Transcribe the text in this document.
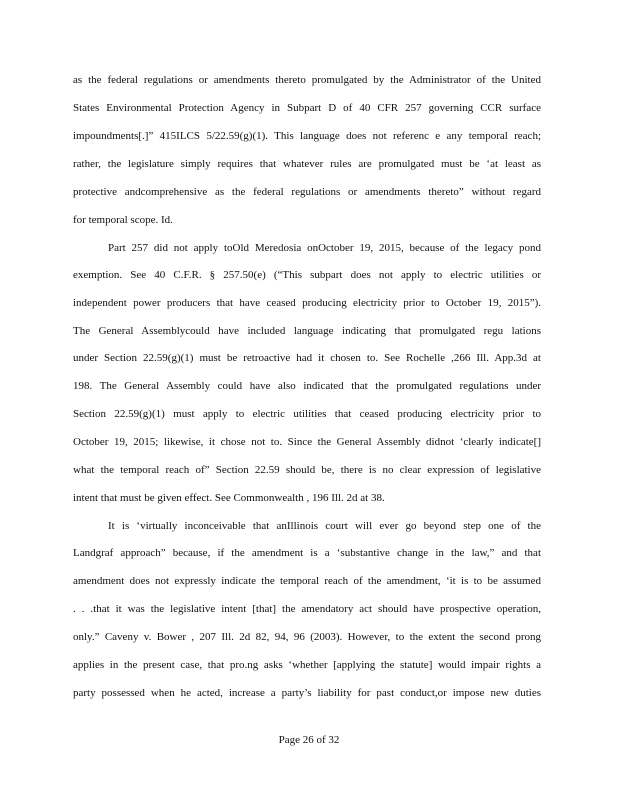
as the federal regulations or amendments thereto promulgated by the Administrator of the United
States Environmental Protection Agency in Subpart D of 40 CFR 257 governing CCR surface
impoundments[.]” 415ILCS 5/22.59(g)(1). This language does not referenc e any temporal reach;
rather, the legislature simply requires that whatever rules are promulgated must be ‘at least as
protective andcomprehensive as the federal regulations or amendments thereto” without regard
for temporal scope. Id.
Part 257 did not apply toOld Meredosia onOctober 19, 2015, because of the legacy pond
exemption. See 40 C.F.R. § 257.50(e) (“This subpart does not apply to electric utilities or
independent power producers that have ceased producing electricity prior to October 19, 2015”).
The General Assemblycould have included language indicating that promulgated regu lations
under Section 22.59(g)(1) must be retroactive had it chosen to. See Rochelle ,266 Ill. App.3d at
198. The General Assembly could have also indicated that the promulgated regulations under
Section 22.59(g)(1) must apply to electric utilities that ceased producing electricity prior to
October 19, 2015; likewise, it chose not to. Since the General Assembly didnot ‘clearly indicate[]
what the temporal reach of” Section 22.59 should be, there is no clear expression of legislative
intent that must be given effect. See Commonwealth , 196 Ill. 2d at 38.
It is ‘virtually inconceivable that anIllinois court will ever go beyond step one of the
Landgraf approach” because, if the amendment is a ‘substantive change in the law,” and that
amendment does not expressly indicate the temporal reach of the amendment, ‘it is to be assumed
. . .that it was the legislative intent [that] the amendatory act should have prospective operation,
only.” Caveny v. Bower , 207 Ill. 2d 82, 94, 96 (2003). However, to the extent the second prong
applies in the present case, that pro.ng asks ‘whether [applying the statute] would impair rights a
party possessed when he acted, increase a party’s liability for past conduct,or impose new duties
Page 26 of 32
